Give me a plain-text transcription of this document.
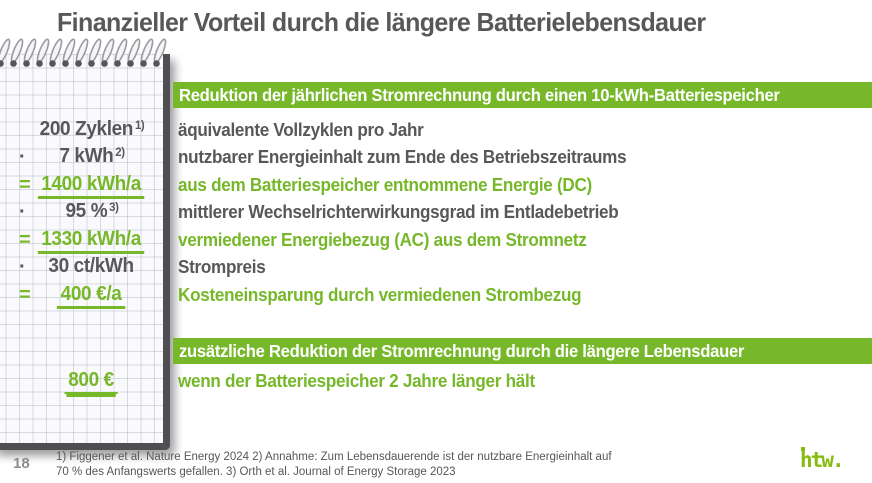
Finanzieller Vorteil durch die längere Batterielebensdauer
Reduktion der jährlichen Stromrechnung durch einen 10-kWh-Batteriespeicher
200 Zyklen $^{1)}$	äquivalente Vollzyklen pro Jahr
·	7 kWh $^{2)}$	nutzbarer Energieinhalt zum Ende des Betriebszeitraums
= 1400 kWh/a	aus dem Batteriespeicher entnommene Energie (DC)
·	95 % $^{3)}$	mittlerer Wechselrichterwirkungsgrad im Entladebetrieb
= 1330 kWh/a	vermiedener Energiebezug (AC) aus dem Stromnetz
·	30 ct/kWh	Strompreis
=	400 €/a	Kosteneinsparung durch vermiedenen Strombezug
zusätzliche Reduktion der Stromrechnung durch die längere Lebensdauer
800 €	wenn der Batteriespeicher 2 Jahre länger hält
18 1) Figgener et al. Nature Energy 2024 2) Annahme: Zum Lebensdauerende ist der nutzbare Energieinhalt auf
70 % des Anfangswerts gefallen. 3) Orth et al. Journal of Energy Storage 2023	htw.
